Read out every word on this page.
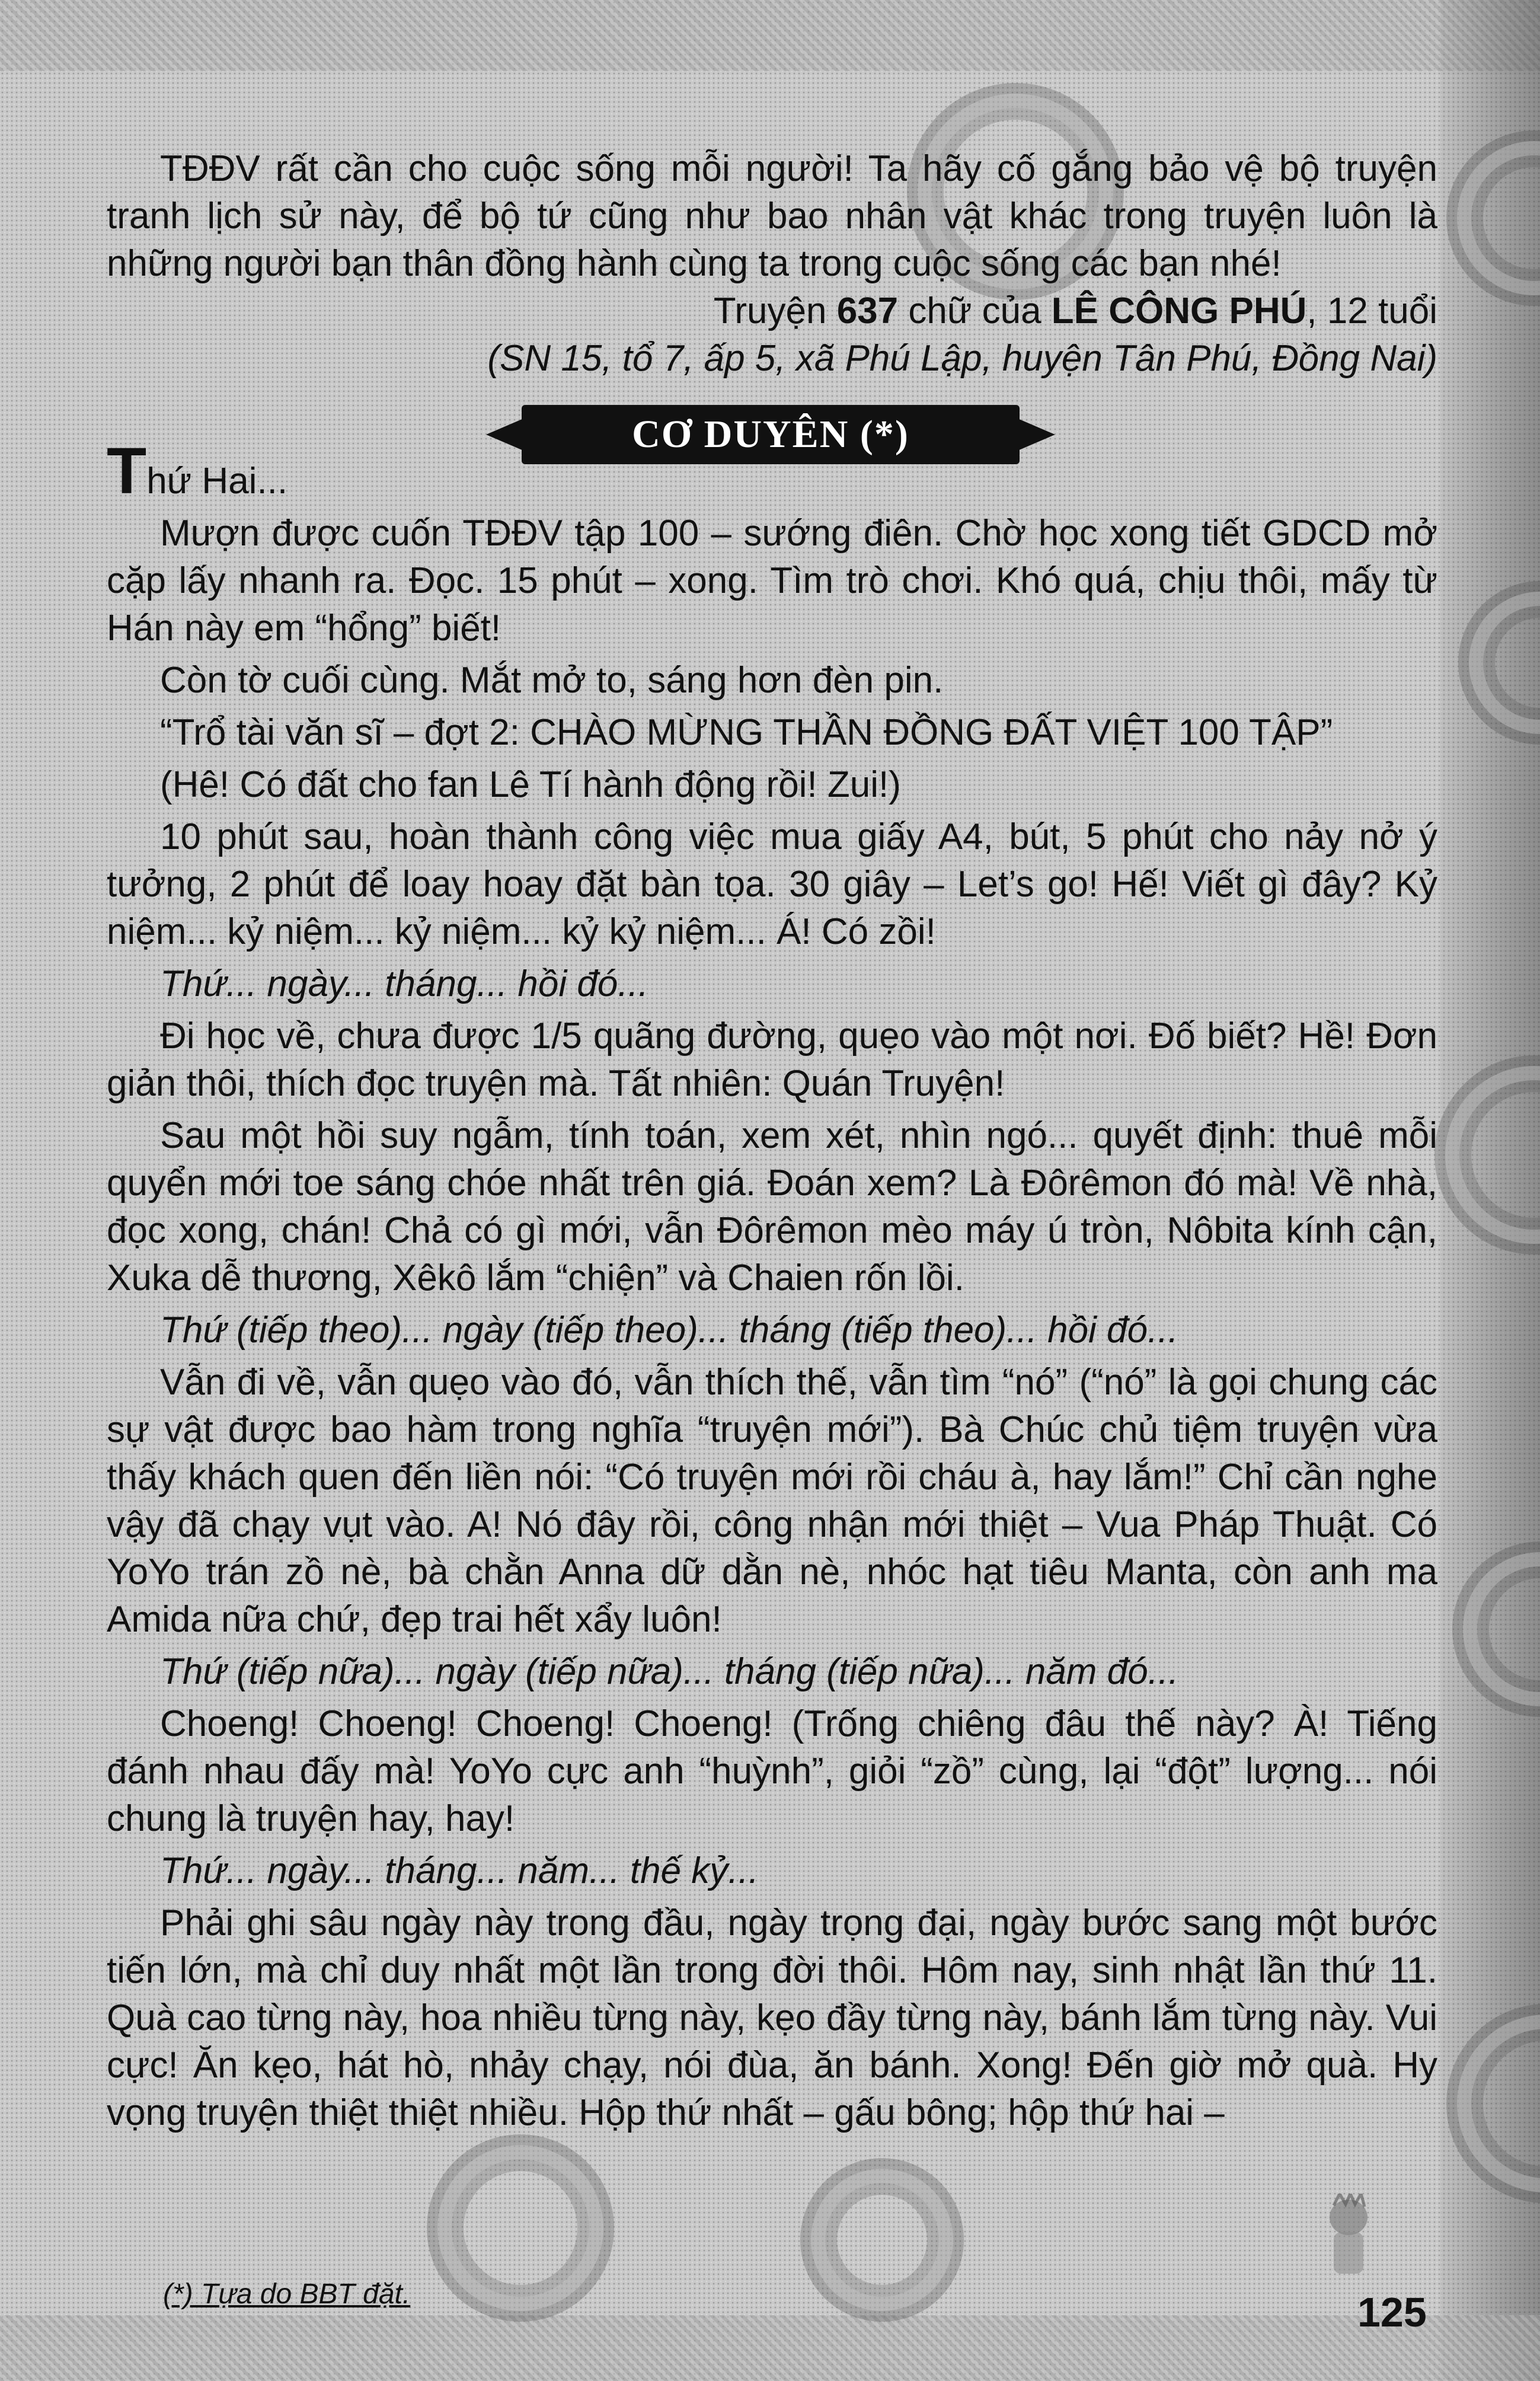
TĐĐV rất cần cho cuộc sống mỗi người! Ta hãy cố gắng bảo vệ bộ truyện tranh lịch sử này, để bộ tứ cũng như bao nhân vật khác trong truyện luôn là những người bạn thân đồng hành cùng ta trong cuộc sống các bạn nhé!

Truyện 637 chữ của LÊ CÔNG PHÚ, 12 tuổi

(SN 15, tổ 7, ấp 5, xã Phú Lập, huyện Tân Phú, Đồng Nai)

CƠ DUYÊN (*)

Thứ Hai...

Mượn được cuốn TĐĐV tập 100 – sướng điên. Chờ học xong tiết GDCD mở cặp lấy nhanh ra. Đọc. 15 phút – xong. Tìm trò chơi. Khó quá, chịu thôi, mấy từ Hán này em “hổng” biết!

Còn tờ cuối cùng. Mắt mở to, sáng hơn đèn pin.

“Trổ tài văn sĩ – đợt 2: CHÀO MỪNG THẦN ĐỒNG ĐẤT VIỆT 100 TẬP”

(Hê! Có đất cho fan Lê Tí hành động rồi! Zui!)

10 phút sau, hoàn thành công việc mua giấy A4, bút, 5 phút cho nảy nở ý tưởng, 2 phút để loay hoay đặt bàn tọa. 30 giây – Let’s go! Hế! Viết gì đây? Kỷ niệm... kỷ niệm... kỷ niệm... kỷ kỷ niệm... Á! Có zồi!

Thứ... ngày... tháng... hồi đó...

Đi học về, chưa được 1/5 quãng đường, quẹo vào một nơi. Đố biết? Hề! Đơn giản thôi, thích đọc truyện mà. Tất nhiên: Quán Truyện!

Sau một hồi suy ngẫm, tính toán, xem xét, nhìn ngó... quyết định: thuê mỗi quyển mới toe sáng chóe nhất trên giá. Đoán xem? Là Đôrêmon đó mà! Về nhà, đọc xong, chán! Chả có gì mới, vẫn Đôrêmon mèo máy ú tròn, Nôbita kính cận, Xuka dễ thương, Xêkô lắm “chiện” và Chaien rốn lồi.

Thứ (tiếp theo)... ngày (tiếp theo)... tháng (tiếp theo)... hồi đó...

Vẫn đi về, vẫn quẹo vào đó, vẫn thích thế, vẫn tìm “nó” (“nó” là gọi chung các sự vật được bao hàm trong nghĩa “truyện mới”). Bà Chúc chủ tiệm truyện vừa thấy khách quen đến liền nói: “Có truyện mới rồi cháu à, hay lắm!” Chỉ cần nghe vậy đã chạy vụt vào. A! Nó đây rồi, công nhận mới thiệt – Vua Pháp Thuật. Có YoYo trán zồ nè, bà chằn Anna dữ dằn nè, nhóc hạt tiêu Manta, còn anh ma Amida nữa chứ, đẹp trai hết xẩy luôn!

Thứ (tiếp nữa)... ngày (tiếp nữa)... tháng (tiếp nữa)... năm đó...

Choeng! Choeng! Choeng! Choeng! (Trống chiêng đâu thế này? À! Tiếng đánh nhau đấy mà! YoYo cực anh “huỳnh”, giỏi “zồ” cùng, lại “đột” lượng... nói chung là truyện hay, hay!

Thứ... ngày... tháng... năm... thế kỷ...

Phải ghi sâu ngày này trong đầu, ngày trọng đại, ngày bước sang một bước tiến lớn, mà chỉ duy nhất một lần trong đời thôi. Hôm nay, sinh nhật lần thứ 11. Quà cao từng này, hoa nhiều từng này, kẹo đầy từng này, bánh lắm từng này. Vui cực! Ăn kẹo, hát hò, nhảy chạy, nói đùa, ăn bánh. Xong! Đến giờ mở quà. Hy vọng truyện thiệt thiệt nhiều. Hộp thứ nhất – gấu bông; hộp thứ hai –

(*) Tựa do BBT đặt.	125
